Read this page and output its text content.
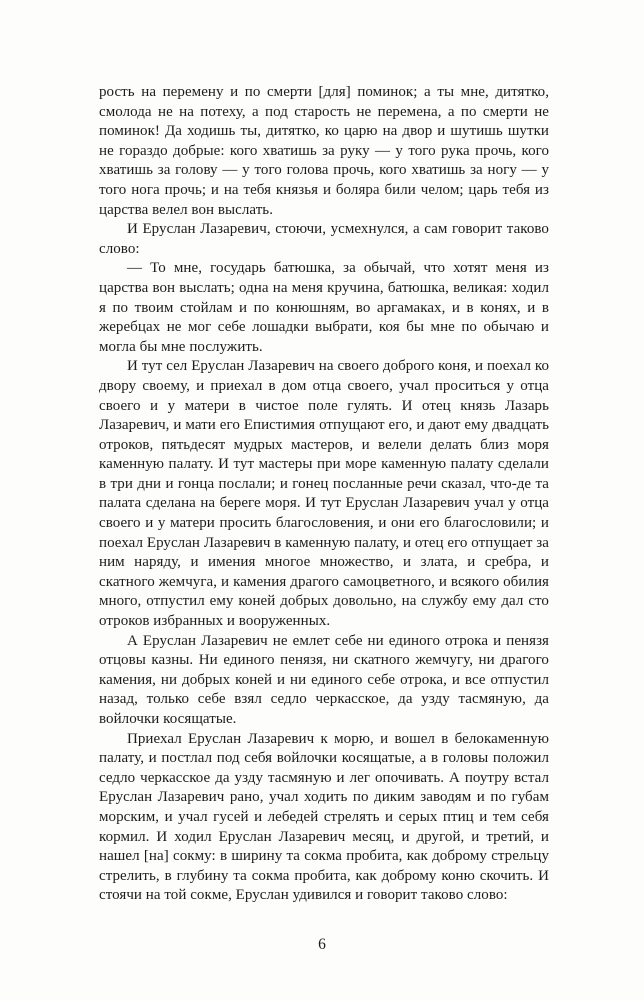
рость на перемену и по смерти [для] поминок; а ты мне, дитятко, смолода не на потеху, а под старость не перемена, а по смерти не поминок! Да ходишь ты, дитятко, ко царю на двор и шутишь шутки не гораздо добрые: кого хватишь за руку — у того рука прочь, кого хватишь за голову — у того голова прочь, кого хватишь за ногу — у того нога прочь; и на тебя князья и боляра били челом; царь тебя из царства велел вон выслать.

И Еруслан Лазаревич, стоючи, усмехнулся, а сам говорит таково слово:

— То мне, государь батюшка, за обычай, что хотят меня из царства вон выслать; одна на меня кручина, батюшка, великая: ходил я по твоим стойлам и по конюшням, во аргамаках, и в конях, и в жеребцах не мог себе лошадки выбрати, коя бы мне по обычаю и могла бы мне послужить.

И тут сел Еруслан Лазаревич на своего доброго коня, и поехал ко двору своему, и приехал в дом отца своего, учал проситься у отца своего и у матери в чистое поле гулять. И отец князь Лазарь Лазаревич, и мати его Епистимия отпущают его, и дают ему двадцать отроков, пятьдесят мудрых мастеров, и велели делать близ моря каменную палату. И тут мастеры при море каменную палату сделали в три дни и гонца послали; и гонец посланные речи сказал, что-де та палата сделана на береге моря. И тут Еруслан Лазаревич учал у отца своего и у матери просить благословения, и они его благословили; и поехал Еруслан Лазаревич в каменную палату, и отец его отпущает за ним наряду, и имения многое множество, и злата, и сребра, и скатного жемчуга, и камения драгого самоцветного, и всякого обилия много, отпустил ему коней добрых довольно, на службу ему дал сто отроков избранных и вооруженных.

А Еруслан Лазаревич не емлет себе ни единого отрока и пенязя отцовы казны. Ни единого пенязя, ни скатного жемчугу, ни драгого камения, ни добрых коней и ни единого себе отрока, и все отпустил назад, только себе взял седло черкасское, да узду тасмяную, да войлочки косящатые.

Приехал Еруслан Лазаревич к морю, и вошел в белокаменную палату, и постлал под себя войлочки косящатые, а в головы положил седло черкасское да узду тасмяную и лег опочивать. А поутру встал Еруслан Лазаревич рано, учал ходить по диким заводям и по губам морским, и учал гусей и лебедей стрелять и серых птиц и тем себя кормил. И ходил Еруслан Лазаревич месяц, и другой, и третий, и нашел [на] сокму: в ширину та сокма пробита, как доброму стрельцу стрелить, в глубину та сокма пробита, как доброму коню скочить. И стоячи на той сокме, Еруслан удивился и говорит таково слово:

6
